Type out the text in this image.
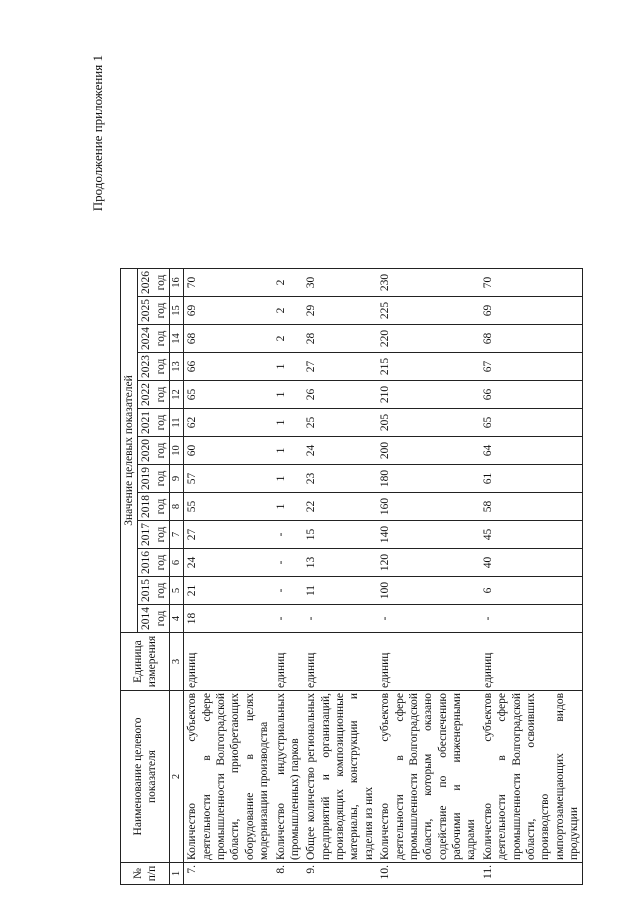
Продолжение приложения 1
№ п/п	Наименование целевого показателя	Единица измерения	Значение целевых показателей												
			2014 год	2015 год	2016 год	2017 год	2018 год	2019 год	2020 год	2021 год	2022 год	2023 год	2024 год	2025 год	2026 год
1	2	3	4	5	6	7	8	9	10	11	12	13	14	15	16
7.	Количество субъектов деятельности в сфере промышленности Волгоградской области, приобретающих оборудование в целях модернизации производства	единиц	18	21	24	27	55	57	60	62	65	66	68	69	70
8.	Количество индустриальных (промышленных) парков	единиц	-	-	-	-	1	1	1	1	1	1	2	2	2
9.	Общее количество региональных предприятий и организаций, производящих композиционные материалы, конструкции и изделия из них	единиц	-	11	13	15	22	23	24	25	26	27	28	29	30
10.	Количество субъектов деятельности в сфере промышленности Волгоградской области, которым оказано содействие по обеспечению рабочими и инженерными кадрами	единиц	-	100	120	140	160	180	200	205	210	215	220	225	230
11.	Количество субъектов деятельности в сфере промышленности Волгоградской области, освоивших производство импортозамещающих видов продукции	единиц	-	6	40	45	58	61	64	65	66	67	68	69	70
